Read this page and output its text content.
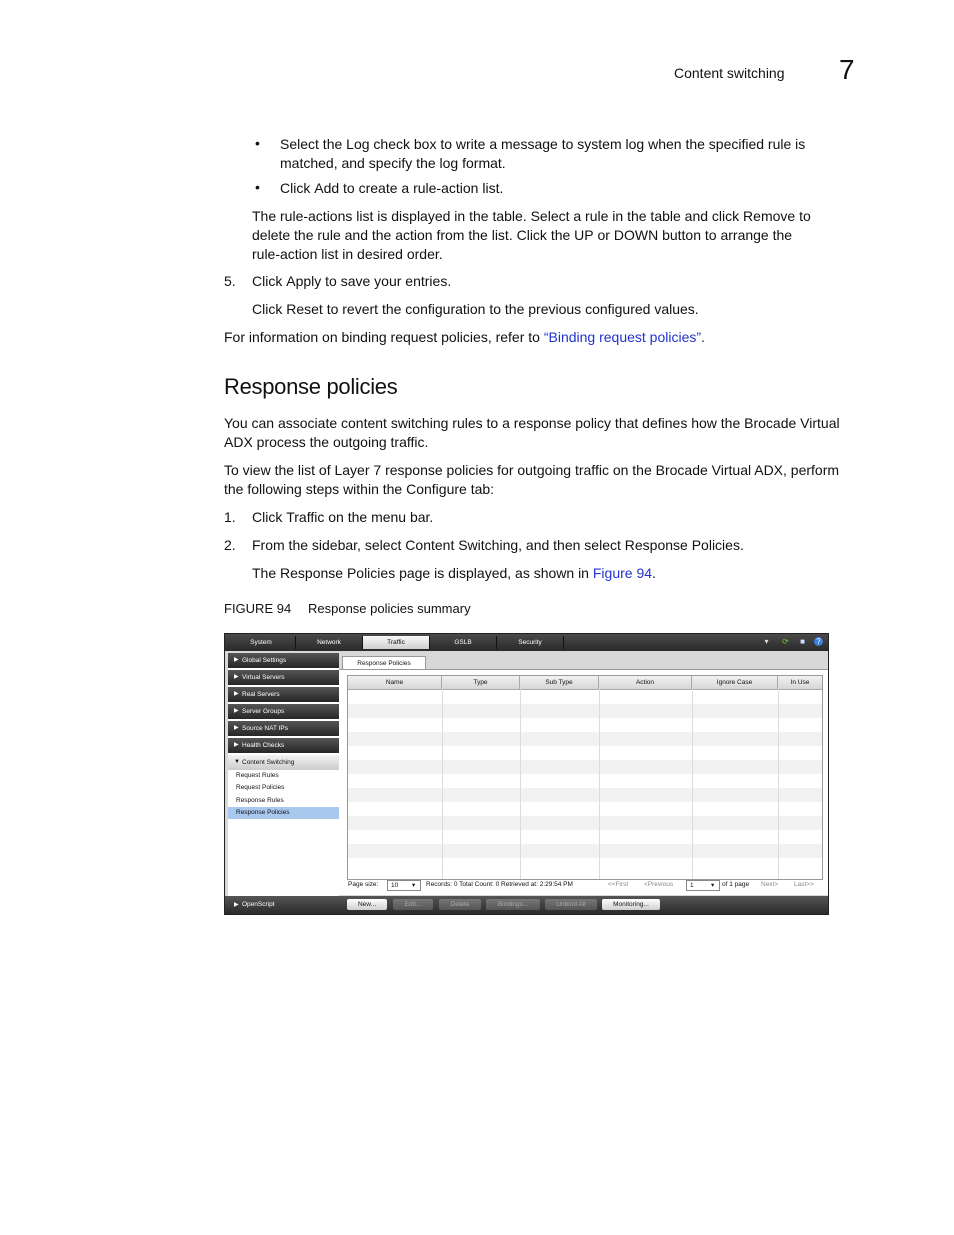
Content switching 7
• Select the Log check box to write a message to system log when the specified rule is
matched, and specify the log format.
• Click Add to create a rule-action list.
The rule-actions list is displayed in the table. Select a rule in the table and click Remove to
delete the rule and the action from the list. Click the UP or DOWN button to arrange the
rule-action list in desired order.
5. Click Apply to save your entries.
Click Reset to revert the configuration to the previous configured values.
For information on binding request policies, refer to “Binding request policies”.
Response policies
You can associate content switching rules to a response policy that defines how the Brocade Virtual
ADX process the outgoing traffic.
To view the list of Layer 7 response policies for outgoing traffic on the Brocade Virtual ADX, perform
the following steps within the Configure tab:
1. Click Traffic on the menu bar.
2. From the sidebar, select Content Switching, and then select Response Policies.
The Response Policies page is displayed, as shown in Figure 94.
FIGURE 94 Response policies summary
System	Network	Traffic	GSLB	Security	▾	⟳ ■ ?
▶ Global Settings
▶ Virtual Servers
▶ Real Servers
▶ Server Groups
▶ Source NAT IPs
▶ Health Checks
▼ Content Switching
Request Rules
Request Policies
Response Rules
Response Policies
Response Policies
Name	Type	Sub Type	Action	Ignore Case	In Use
Page size: 10 ▾ Records: 0 Total Count: 0 Retrieved at: 2:29:54 PM	<<First <Previous	1	▾ of 1 page Next> Last>>
New...	Edit...	Delete	Bindings...	Unbind All	Monitoring...
▶ OpenScript
